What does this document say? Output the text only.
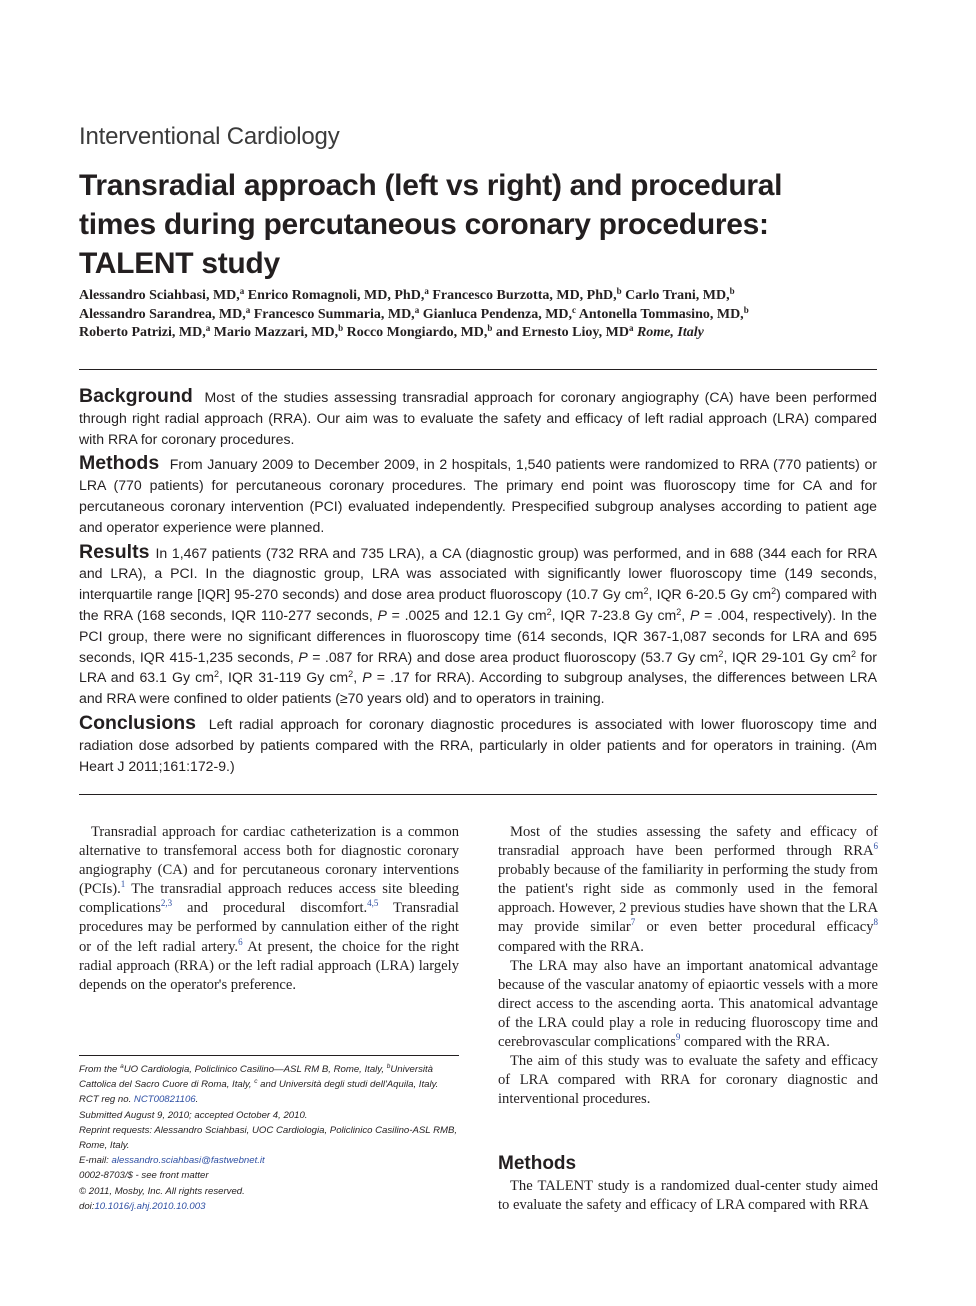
Interventional Cardiology
Transradial approach (left vs right) and procedural times during percutaneous coronary procedures: TALENT study
Alessandro Sciahbasi, MD,$^a$ Enrico Romagnoli, MD, PhD,$^a$ Francesco Burzotta, MD, PhD,$^b$ Carlo Trani, MD,$^b$
Alessandro Sarandrea, MD,$^a$ Francesco Summaria, MD,$^a$ Gianluca Pendenza, MD,$^c$ Antonella Tommasino, MD,$^b$
Roberto Patrizi, MD,$^a$ Mario Mazzari, MD,$^b$ Rocco Mongiardo, MD,$^b$ and Ernesto Lioy, $MD^a$ Rome, Italy

Background Most of the studies assessing transradial approach for coronary angiography (CA) have been performed through right radial approach (RRA). Our aim was to evaluate the safety and efficacy of left radial approach (LRA) compared with RRA for coronary procedures.

Methods From January 2009 to December 2009, in 2 hospitals, 1,540 patients were randomized to RRA (770 patients) or LRA (770 patients) for percutaneous coronary procedures. The primary end point was fluoroscopy time for CA and for percutaneous coronary intervention (PCI) evaluated independently. Prespecified subgroup analyses according to patient age and operator experience were planned.

Results In 1,467 patients (732 RRA and 735 LRA), a CA (diagnostic group) was performed, and in 688 (344 each for RRA and LRA), a PCI. In the diagnostic group, LRA was associated with significantly lower fluoroscopy time (149 seconds, interquartile range [IQR] 95-270 seconds) and dose area product fluoroscopy (10.7 Gy $cm^2$, IQR 6-20.5 Gy $cm^2$) compared with the RRA (168 seconds, IQR 110-277 seconds, P = .0025 and 12.1 Gy $cm^2$, IQR 7-23.8 Gy $cm^2$, P = .004, respectively). In the PCI group, there were no significant differences in fluoroscopy time (614 seconds, IQR 367-1,087 seconds for LRA and 695 seconds, IQR 415-1,235 seconds, P = .087 for RRA) and dose area product fluoroscopy (53.7 Gy $cm^2$, IQR 29-101 Gy $cm^2$ for LRA and 63.1 Gy $cm^2$, IQR 31-119 Gy $cm^2$, P = .17 for RRA). According to subgroup analyses, the differences between LRA and RRA were confined to older patients (≥70 years old) and to operators in training.

Conclusions Left radial approach for coronary diagnostic procedures is associated with lower fluoroscopy time and radiation dose adsorbed by patients compared with the RRA, particularly in older patients and for operators in training. (Am Heart J 2011;161:172-9.)

Transradial approach for cardiac catheterization is a common alternative to transfemoral access both for diagnostic coronary angiography (CA) and for percutaneous coronary interventions (PCIs).$^1$ The transradial approach reduces access site bleeding complications$^{2,3}$ and procedural discomfort.$^{4,5}$ Transradial procedures may be performed by cannulation either of the right or of the left radial artery.$^6$ At present, the choice for the right radial approach (RRA) or the left radial approach (LRA) largely depends on the operator's preference.

Most of the studies assessing the safety and efficacy of transradial approach have been performed through RRA$^6$ probably because of the familiarity in performing the study from the patient's right side as commonly used in the femoral approach. However, 2 previous studies have shown that the LRA may provide similar$^7$ or even better procedural efficacy$^8$ compared with the RRA.

The LRA may also have an important anatomical advantage because of the vascular anatomy of epiaortic vessels with a more direct access to the ascending aorta. This anatomical advantage of the LRA could play a role in reducing fluoroscopy time and cerebrovascular complications$^9$ compared with the RRA.

The aim of this study was to evaluate the safety and efficacy of LRA compared with RRA for coronary diagnostic and interventional procedures.

Methods

The TALENT study is a randomized dual-center study aimed to evaluate the safety and efficacy of LRA compared with RRA

From the $^a$UO Cardiologia, Policlinico Casilino—ASL RM B, Rome, Italy, $^b$Università Cattolica del Sacro Cuore di Roma, Italy, $^c$ and Università degli studi dell'Aquila, Italy.
RCT reg no. NCT00821106.
Submitted August 9, 2010; accepted October 4, 2010.
Reprint requests: Alessandro Sciahbasi, UOC Cardiologia, Policlinico Casilino-ASL RMB, Rome, Italy.
E-mail: alessandro.sciahbasi@fastwebnet.it
0002-8703/$ - see front matter
© 2011, Mosby, Inc. All rights reserved.
doi:10.1016/j.ahj.2010.10.003
